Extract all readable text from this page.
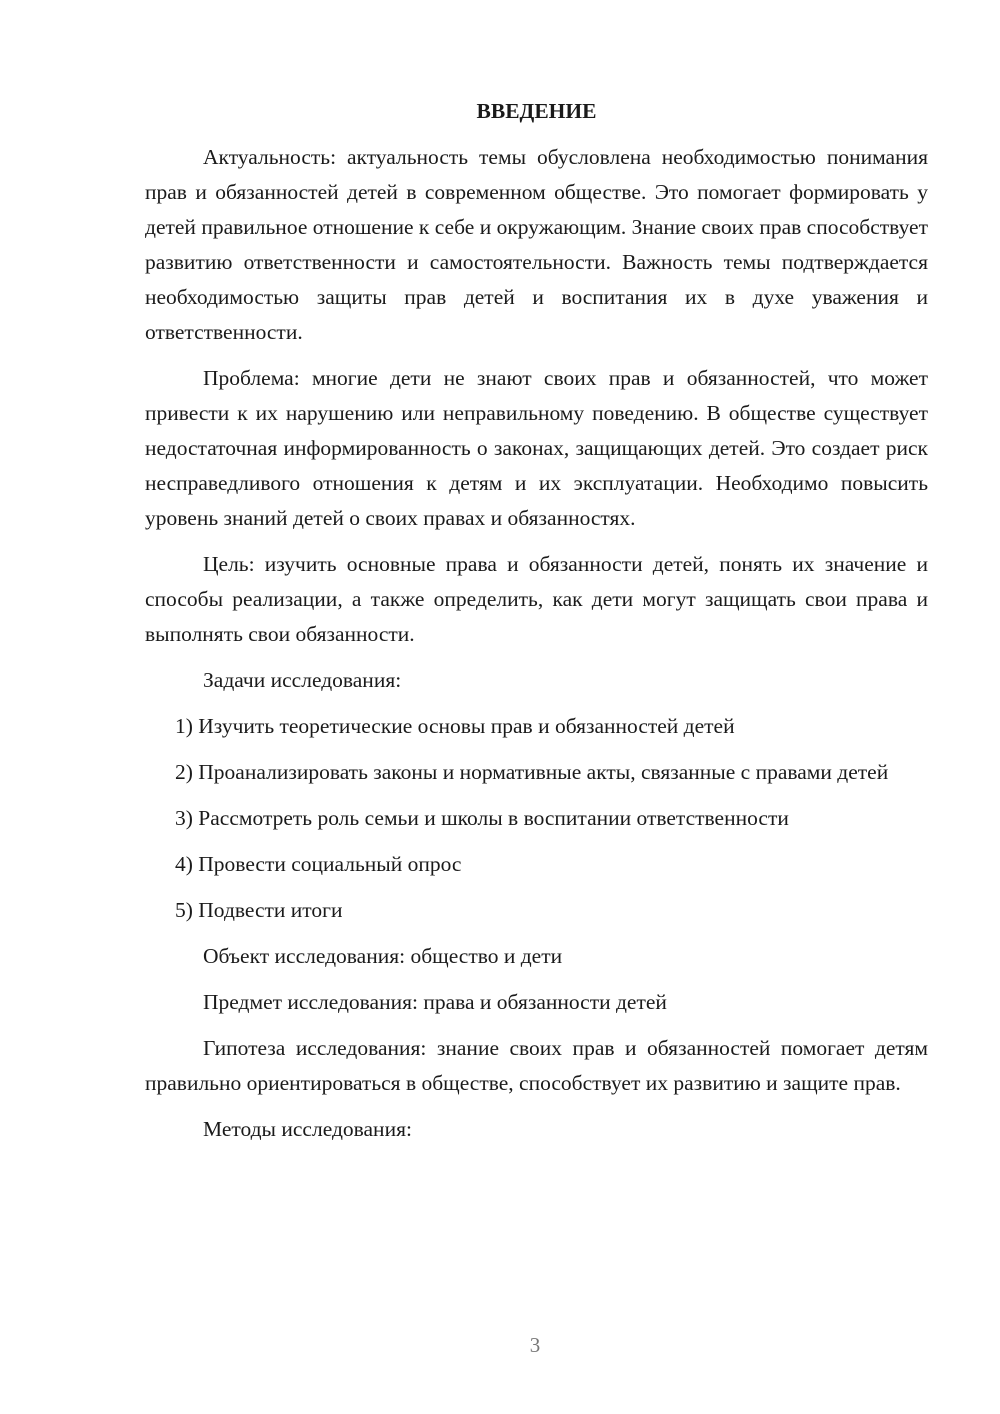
ВВЕДЕНИЕ

Актуальность: актуальность темы обусловлена необходимостью понимания прав и обязанностей детей в современном обществе. Это помогает формировать у детей правильное отношение к себе и окружающим. Знание своих прав способствует развитию ответственности и самостоятельности. Важность темы подтверждается необходимостью защиты прав детей и воспитания их в духе уважения и ответственности.

Проблема: многие дети не знают своих прав и обязанностей, что может привести к их нарушению или неправильному поведению. В обществе существует недостаточная информированность о законах, защищающих детей. Это создает риск несправедливого отношения к детям и их эксплуатации. Необходимо повысить уровень знаний детей о своих правах и обязанностях.

Цель: изучить основные права и обязанности детей, понять их значение и способы реализации, а также определить, как дети могут защищать свои права и выполнять свои обязанности.

Задачи исследования:

1) Изучить теоретические основы прав и обязанностей детей

2) Проанализировать законы и нормативные акты, связанные с правами детей

3) Рассмотреть роль семьи и школы в воспитании ответственности

4) Провести социальный опрос

5) Подвести итоги

Объект исследования: общество и дети

Предмет исследования: права и обязанности детей

Гипотеза исследования: знание своих прав и обязанностей помогает детям правильно ориентироваться в обществе, способствует их развитию и защите прав.

Методы исследования:

3
